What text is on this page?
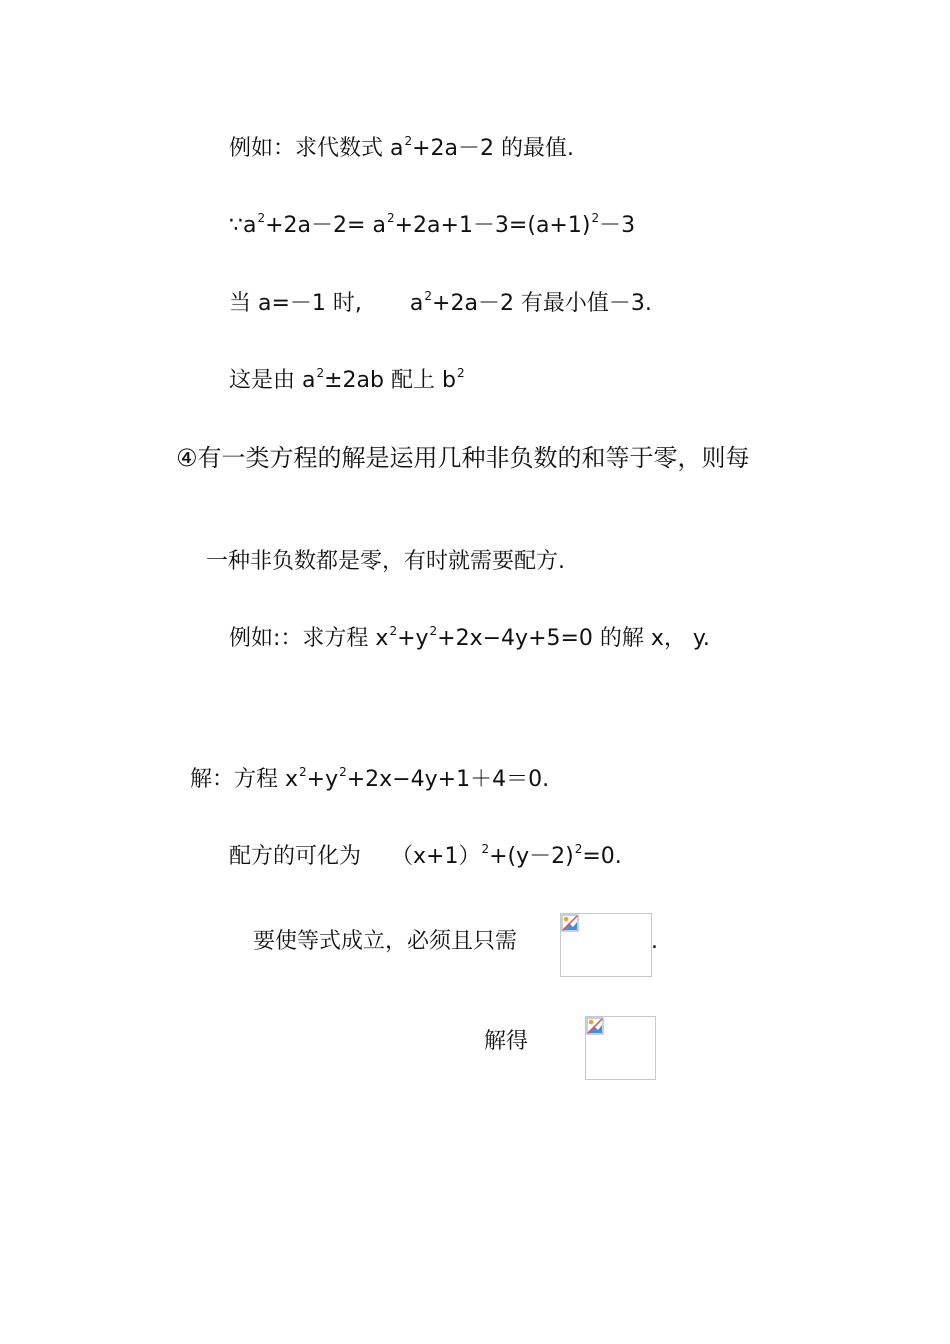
例如：求代数式 $a^2+2a-2$ 的最值.
$\because a^2+2a-2= a^2+2a+1-3=(a+1)^2-3$
当 a=－1 时, $a^2+2a-2$ 有最小值－3.
这是由 $a^2\pm 2ab$ 配上 $b^2$
④有一类方程的解是运用几种非负数的和等于零，则每
一种非负数都是零，有时就需要配方.
例如:：求方程 $x^2+y^2+2x-4y+5=0$ 的解 x， y.
解：方程 $x^2+y^2+2x-4y+1+4=0$.
配方的可化为 $(x+1)^2+(y-2)^2=0$.
要使等式成立，必须且只需	.
解得
